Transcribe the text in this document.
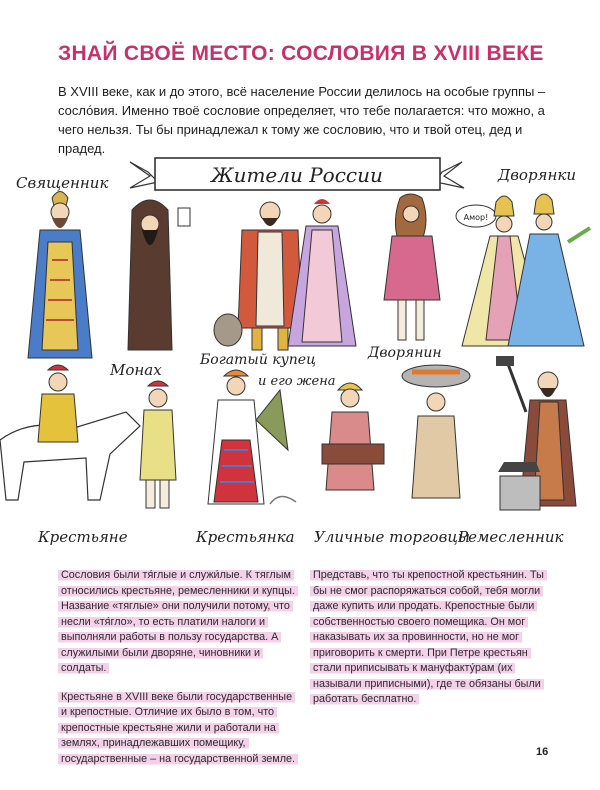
ЗНАЙ СВОЁ МЕСТО: СОСЛОВИЯ В XVIII ВЕКЕ

В XVIII веке, как и до этого, всё население России делилось на особые группы – сосло́вия. Именно твоё сословие определяет, что тебе полагается: что можно, а чего нельзя. Ты бы принадлежал к тому же сословию, что и твой отец, дед и прадед.

Жители России
Священник
Монах
Богатый купец
и его жена
Амор!
Дворянин
Дворянки
Крестьяне	Крестьянка Уличные торговцы
Ремесленник

Сословия были тя́глые и служи́лые. К тяглым относились крестьяне, ремесленники и купцы. Название «тяглые» они получили потому, что несли «тя́гло», то есть платили налоги и выполняли работы в пользу государства. А служилыми были дворяне, чиновники и солдаты.

Крестьяне в XVIII веке были государственные и крепостные. Отличие их было в том, что крепостные крестьяне жили и работали на землях, принадлежавших помещику, государственные – на государственной земле.

Представь, что ты крепостной крестьянин. Ты бы не смог распоряжаться собой, тебя могли даже купить или продать. Крепостные были собственностью своего помещика. Он мог наказывать их за провинности, но не мог приговорить к смерти. При Петре крестьян стали приписывать к мануфакту́рам (их называли приписными), где те обязаны были работать бесплатно.

16
